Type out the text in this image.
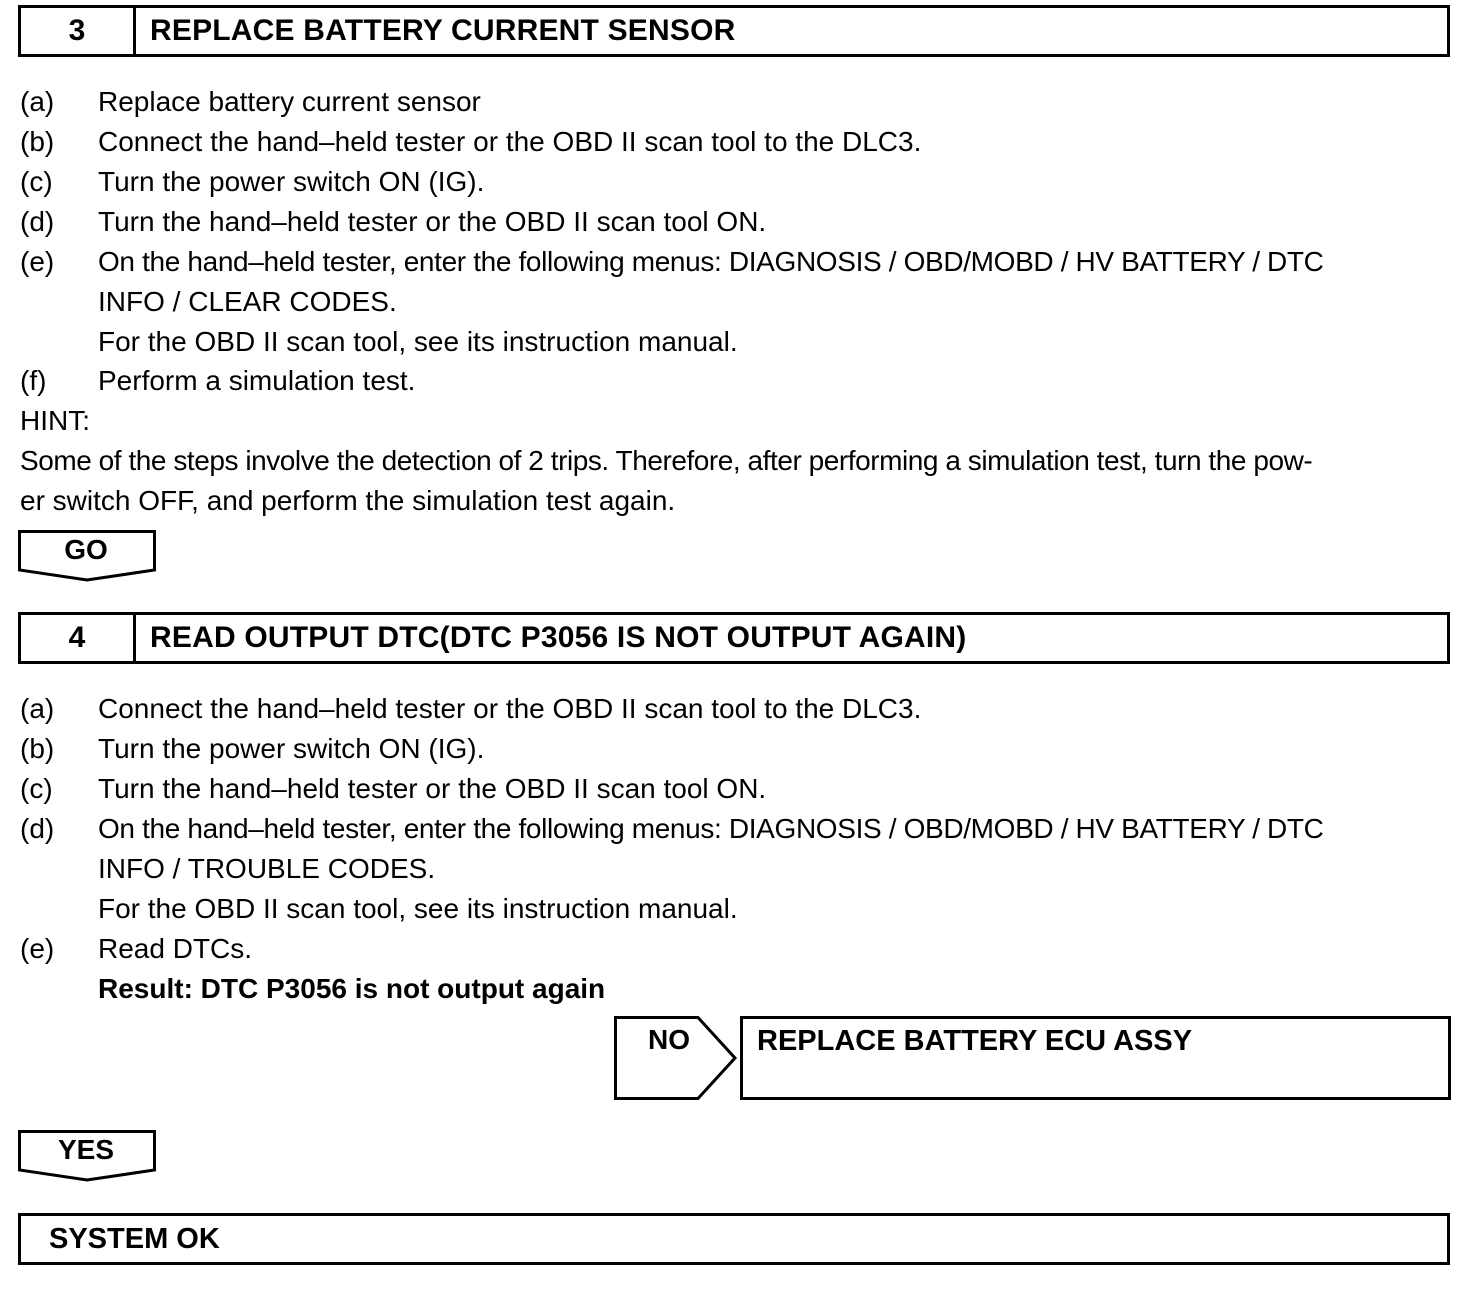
3	REPLACE BATTERY CURRENT SENSOR
(a) Replace battery current sensor
(b) Connect the hand–held tester or the OBD II scan tool to the DLC3.
(c) Turn the power switch ON (IG).
(d) Turn the hand–held tester or the OBD II scan tool ON.
(e) On the hand–held tester, enter the following menus: DIAGNOSIS / OBD/MOBD / HV BATTERY / DTC
INFO / CLEAR CODES.
For the OBD II scan tool, see its instruction manual.
(f) Perform a simulation test.
HINT:
Some of the steps involve the detection of 2 trips. Therefore, after performing a simulation test, turn the pow-
er switch OFF, and perform the simulation test again.
GO
4	READ OUTPUT DTC(DTC P3056 IS NOT OUTPUT AGAIN)
(a) Connect the hand–held tester or the OBD II scan tool to the DLC3.
(b) Turn the power switch ON (IG).
(c) Turn the hand–held tester or the OBD II scan tool ON.
(d) On the hand–held tester, enter the following menus: DIAGNOSIS / OBD/MOBD / HV BATTERY / DTC
INFO / TROUBLE CODES.
For the OBD II scan tool, see its instruction manual.
(e) Read DTCs.
Result: DTC P3056 is not output again
NO	REPLACE BATTERY ECU ASSY
YES
SYSTEM OK
